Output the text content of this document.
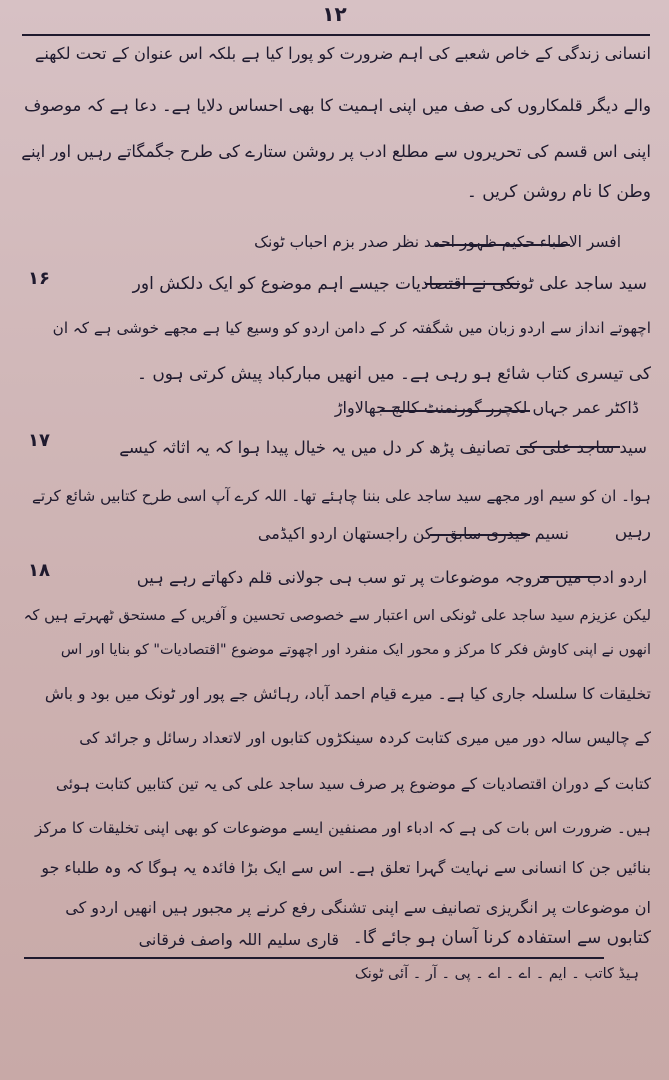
۱۲
انسانی زندگی کے خاص شعبے کی اہم ضرورت کو پورا کیا ہے بلکہ اس عنوان کے تحت لکھنے
والے دیگر قلمکاروں کی صف میں اپنی اہمیت کا بھی احساس دلایا ہے۔ دعا ہے کہ موصوف
اپنی اس قسم کی تحریروں سے مطلع ادب پر روشن ستارے کی طرح جگمگاتے رہیں اور اپنے
وطن کا نام روشن کریں ۔
افسر الاطباء حکیم ظہور احمد نظر صدر بزم احباب ٹونک
۱۶	سید ساجد علی ٹونکی نے اقتصادیات جیسے اہم موضوع کو ایک دلکش اور
اچھوتے انداز سے اردو زبان میں شگفتہ کر کے دامن اردو کو وسیع کیا ہے مجھے خوشی ہے کہ ان
کی تیسری کتاب شائع ہو رہی ہے۔ میں انھیں مبارکباد پیش کرتی ہوں ۔
ڈاکٹر عمر جہاں لکچرر گورنمنٹ کالج جھالاواڑ
۱۷	سید ساجد علی کی تصانیف پڑھ کر دل میں یہ خیال پیدا ہوا کہ یہ اثاثہ کیسے
ہوا۔ ان کو سیم اور مجھے سید ساجد علی بننا چاہئے تھا۔ اللہ کرے آپ اسی طرح کتابیں شائع کرتے
رہیں
نسیم حیدری سابق رکن راجستھان اردو اکیڈمی
۱۸	اردو ادب میں مروجہ موضوعات پر تو سب ہی جولانی قلم دکھاتے رہے ہیں
لیکن عزیزم سید ساجد علی ٹونکی اس اعتبار سے خصوصی تحسین و آفریں کے مستحق ٹھہرتے ہیں کہ
انھوں نے اپنی کاوش فکر کا مرکز و محور ایک منفرد اور اچھوتے موضوع "اقتصادیات" کو بنایا اور اس
تخلیقات کا سلسلہ جاری کیا ہے۔ میرے قیام احمد آباد، رہائش جے پور اور ٹونک میں بود و باش
کے چالیس سالہ دور میں میری کتابت کردہ سینکڑوں کتابوں اور لاتعداد رسائل و جرائد کی
کتابت کے دوران اقتصادیات کے موضوع پر صرف سید ساجد علی کی یہ تین کتابیں کتابت ہوئی
ہیں۔ ضرورت اس بات کی ہے کہ ادباء اور مصنفین ایسے موضوعات کو بھی اپنی تخلیقات کا مرکز
بنائیں جن کا انسانی سے نہایت گہرا تعلق ہے۔ اس سے ایک بڑا فائدہ یہ ہوگا کہ وہ طلباء جو
ان موضوعات پر انگریزی تصانیف سے اپنی تشنگی رفع کرنے پر مجبور ہیں انھیں اردو کی
کتابوں سے استفادہ کرنا آسان ہو جائے گا۔
قاری سلیم اللہ واصف فرقانی
ہیڈ کاتب ۔ ایم ۔ اے ۔ اے ۔ پی ۔ آر ۔ آئی ٹونک
